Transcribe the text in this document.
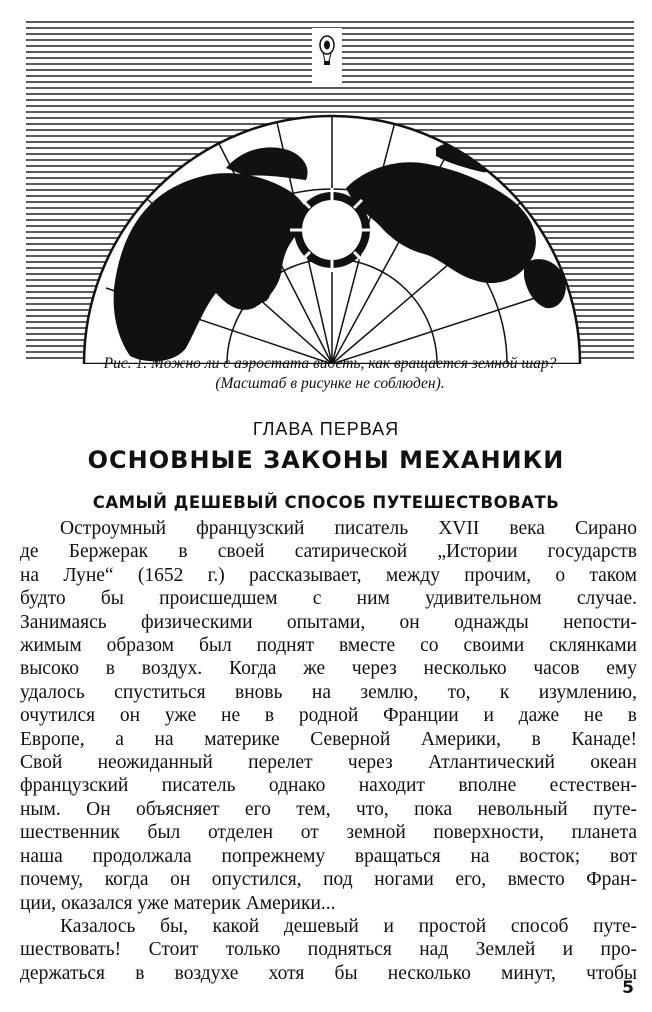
Рис. 1. Можно ли с аэростата видеть, как вращается земной шар?
(Масштаб в рисунке не соблюден).
ГЛАВА ПЕРВАЯ
ОСНОВНЫЕ ЗАКОНЫ МЕХАНИКИ
САМЫЙ ДЕШЕВЫЙ СПОСОБ ПУТЕШЕСТВОВАТЬ
Остроумный французский писатель XVII века Сирано
де Бержерак в своей сатирической „Истории государств
на Луне“ (1652 г.) рассказывает, между прочим, о таком
будто бы происшедшем с ним удивительном случае.
Занимаясь физическими опытами, он однажды непости-
жимым образом был поднят вместе со своими склянками
высоко в воздух. Когда же через несколько часов ему
удалось спуститься вновь на землю, то, к изумлению,
очутился он уже не в родной Франции и даже не в
Европе, а на материке Северной Америки, в Канаде!
Свой неожиданный перелет через Атлантический океан
французский писатель однако находит вполне естествен-
ным. Он объясняет его тем, что, пока невольный путе-
шественник был отделен от земной поверхности, планета
наша продолжала попрежнему вращаться на восток; вот
почему, когда он опустился, под ногами его, вместо Фран-
ции, оказался уже материк Америки...
Казалось бы, какой дешевый и простой способ путе-
шествовать! Стоит только подняться над Землей и про-
держаться в воздухе хотя бы несколько минут, чтобы
5
